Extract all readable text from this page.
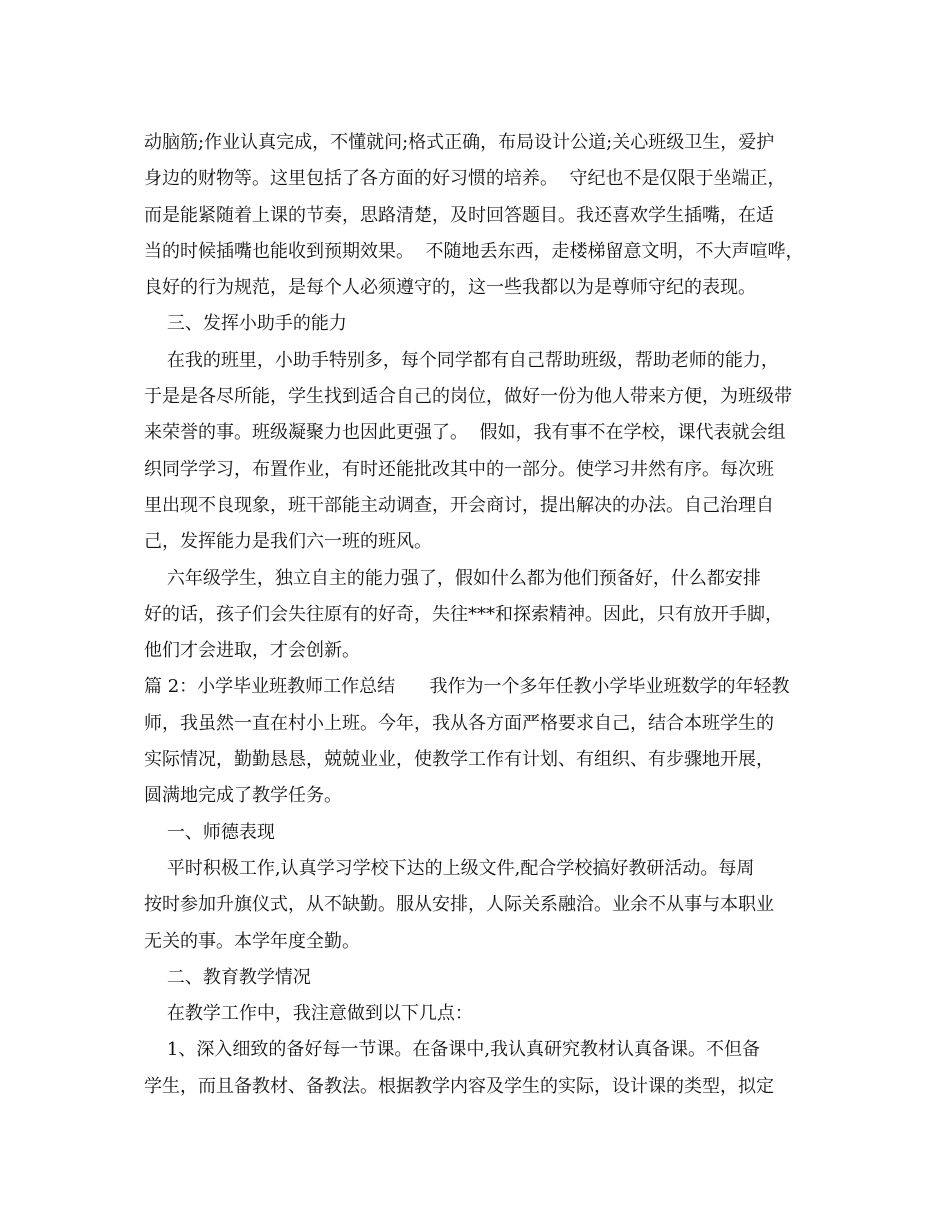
动脑筋;作业认真完成，不懂就问;格式正确，布局设计公道;关心班级卫生，爱护
身边的财物等。这里包括了各方面的好习惯的培养。  守纪也不是仅限于坐端正，
而是能紧随着上课的节奏，思路清楚，及时回答题目。我还喜欢学生插嘴，在适
当的时候插嘴也能收到预期效果。  不随地丢东西，走楼梯留意文明，不大声喧哗，
良好的行为规范，是每个人必须遵守的，这一些我都以为是尊师守纪的表现。
三、发挥小助手的能力
在我的班里，小助手特别多，每个同学都有自己帮助班级，帮助老师的能力，
于是是各尽所能，学生找到适合自己的岗位，做好一份为他人带来方便，为班级带
来荣誉的事。班级凝聚力也因此更强了。  假如，我有事不在学校，课代表就会组
织同学学习，布置作业，有时还能批改其中的一部分。使学习井然有序。每次班
里出现不良现象，班干部能主动调查，开会商讨，提出解决的办法。自己治理自
己，发挥能力是我们六一班的班风。
六年级学生，独立自主的能力强了，假如什么都为他们预备好，什么都安排
好的话，孩子们会失往原有的好奇，失往***和探索精神。因此，只有放开手脚，
他们才会进取，才会创新。
篇 2：小学毕业班教师工作总结      我作为一个多年任教小学毕业班数学的年轻教
师，我虽然一直在村小上班。今年，我从各方面严格要求自己，结合本班学生的
实际情况，勤勤恳恳，兢兢业业，使教学工作有计划、有组织、有步骤地开展，
圆满地完成了教学任务。
一、师德表现
平时积极工作,认真学习学校下达的上级文件,配合学校搞好教研活动。每周
按时参加升旗仪式，从不缺勤。服从安排，人际关系融洽。业余不从事与本职业
无关的事。本学年度全勤。
二、教育教学情况
在教学工作中，我注意做到以下几点：
1、深入细致的备好每一节课。在备课中,我认真研究教材认真备课。不但备
学生，而且备教材、备教法。根据教学内容及学生的实际，设计课的类型，拟定
